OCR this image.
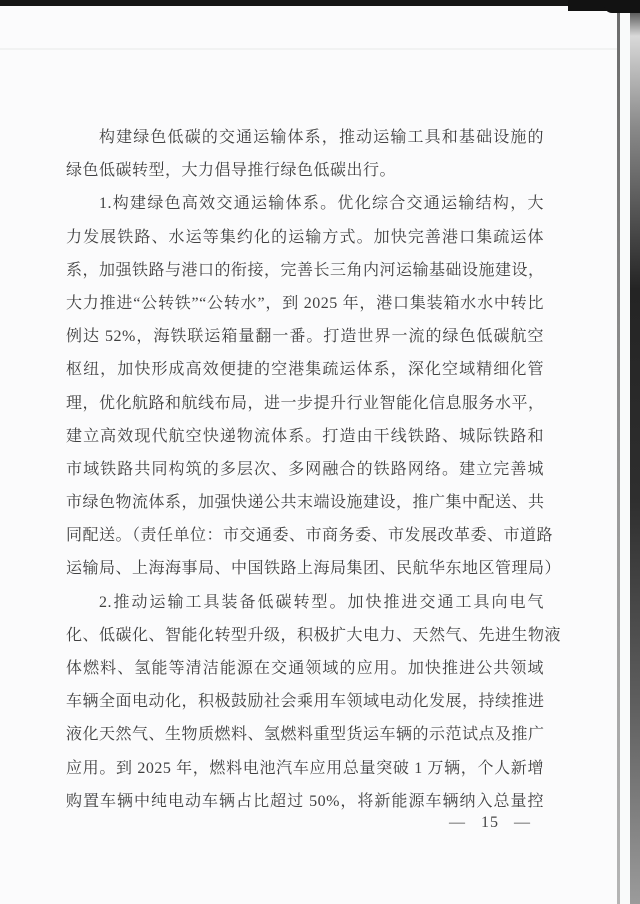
构建绿色低碳的交通运输体系，推动运输工具和基础设施的
绿色低碳转型，大力倡导推行绿色低碳出行。
1.构建绿色高效交通运输体系。优化综合交通运输结构，大
力发展铁路、水运等集约化的运输方式。加快完善港口集疏运体
系，加强铁路与港口的衔接，完善长三角内河运输基础设施建设，
大力推进“公转铁”“公转水”，到 2025 年，港口集装箱水水中转比
例达 52%，海铁联运箱量翻一番。打造世界一流的绿色低碳航空
枢纽，加快形成高效便捷的空港集疏运体系，深化空域精细化管
理，优化航路和航线布局，进一步提升行业智能化信息服务水平，
建立高效现代航空快递物流体系。打造由干线铁路、城际铁路和
市域铁路共同构筑的多层次、多网融合的铁路网络。建立完善城
市绿色物流体系，加强快递公共末端设施建设，推广集中配送、共
同配送。（责任单位：市交通委、市商务委、市发展改革委、市道路
运输局、上海海事局、中国铁路上海局集团、民航华东地区管理局）
2.推动运输工具装备低碳转型。加快推进交通工具向电气
化、低碳化、智能化转型升级，积极扩大电力、天然气、先进生物液
体燃料、氢能等清洁能源在交通领域的应用。加快推进公共领域
车辆全面电动化，积极鼓励社会乘用车领域电动化发展，持续推进
液化天然气、生物质燃料、氢燃料重型货运车辆的示范试点及推广
应用。到 2025 年，燃料电池汽车应用总量突破 1 万辆，个人新增
购置车辆中纯电动车辆占比超过 50%，将新能源车辆纳入总量控
— 15 —
